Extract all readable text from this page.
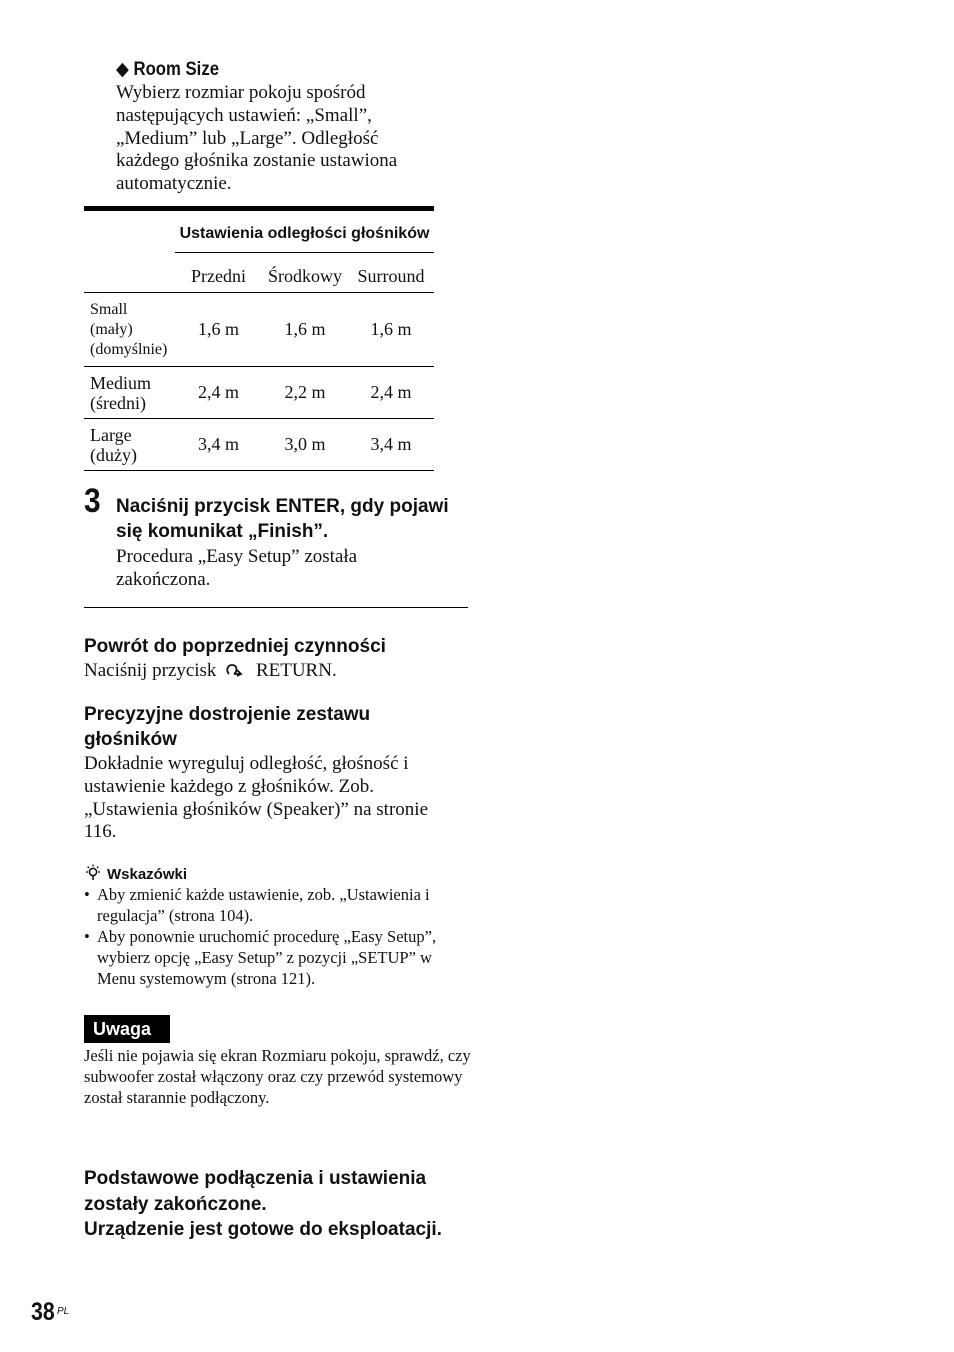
◆ Room Size
Wybierz rozmiar pokoju spośród następujących ustawień: „Small”, „Medium” lub „Large”. Odległość każdego głośnika zostanie ustawiona automatycznie.

	Ustawienia odległości głośników		

	Przedni	Środkowy	Surround

Small
(mały)
(domyślnie)	1,6 m	1,6 m	1,6 m

Medium
(średni)	2,4 m	2,2 m	2,4 m

Large
(duży)	3,4 m	3,0 m	3,4 m
3 Naciśnij przycisk ENTER, gdy pojawi się komunikat „Finish”.
Procedura „Easy Setup” została zakończona.
Powrót do poprzedniej czynności
Naciśnij przycisk RETURN.
Precyzyjne dostrojenie zestawu głośników
Dokładnie wyreguluj odległość, głośność i ustawienie każdego z głośników. Zob. „Ustawienia głośników (Speaker)” na stronie 116.
Wskazówki
• Aby zmienić każde ustawienie, zob. „Ustawienia i regulacja” (strona 104).
• Aby ponownie uruchomić procedurę „Easy Setup”, wybierz opcję „Easy Setup” z pozycji „SETUP” w Menu systemowym (strona 121).
Uwaga
Jeśli nie pojawia się ekran Rozmiaru pokoju, sprawdź, czy subwoofer został włączony oraz czy przewód systemowy został starannie podłączony.
Podstawowe podłączenia i ustawienia zostały zakończone.
Urządzenie jest gotowe do eksploatacji.
38 PL
